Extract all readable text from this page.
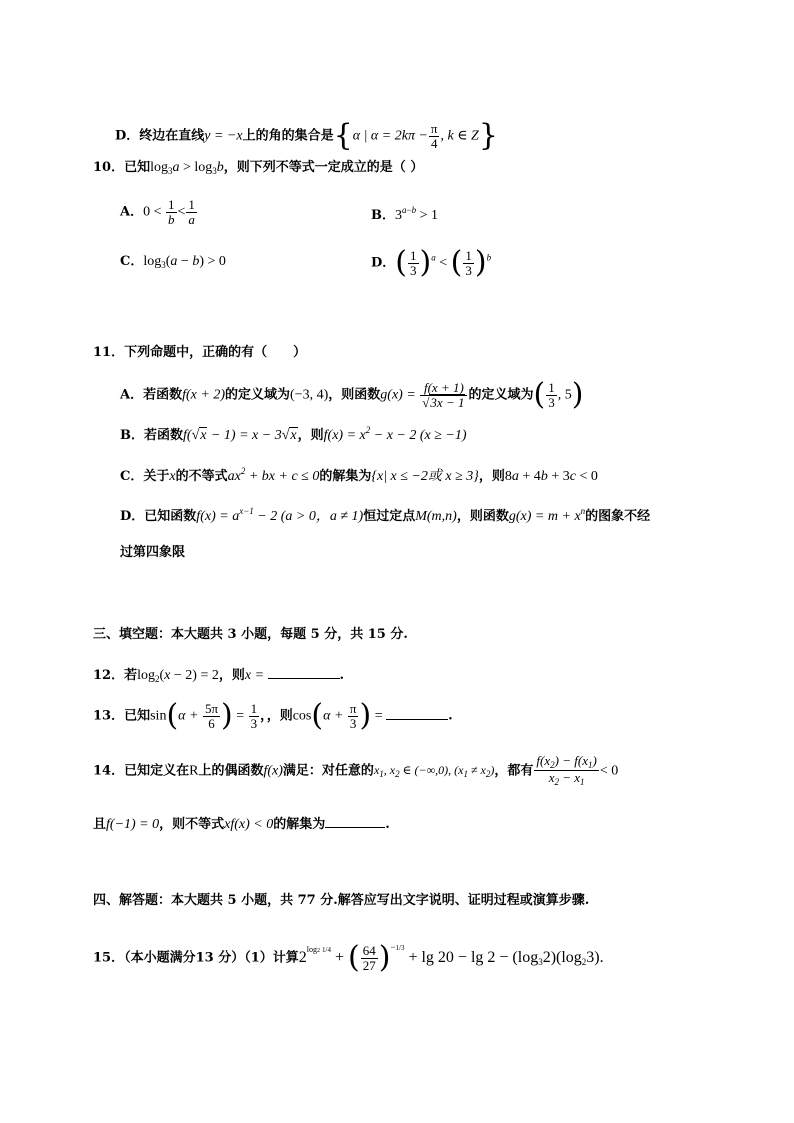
D．终边在直线y = −x上的角的集合是{α | $\alpha = 2k\pi - \frac{\pi}{4}$ , k ∈ Z}
10．已知$\log_3a > \log_3b$，则下列不等式一定成立的是（ ）
A．$0 < \frac{1}{b} < \frac{1}{a}$	B．$3^{a-b} > 1$
C．$\log_3(a - b) > 0$	D．( $\frac{1}{3} )^a$ < ( $\frac{1}{3} )^b$
11．下列命题中，正确的有（　　）
A．若函数f(x + 2)的定义域为(−3, 4)，则函数$g(x) = \frac{f(x + 1)}{√3x - 1}$ 的定义域为( $\frac{1}{3}$ , 5)
B．若函数f(√x − 1) = x − 3√x，则$f(x) = x^2 - x - 2$ (x ≥ −1)
C．关于x的不等式$ax^2$ + bx + c ≤ 0的解集为{x| x ≤ −2或 x ≥ 3}，则8a + 4b + 3c < 0
D．已知函数$f(x) = a^{x-1} - 2$ (a > 0，a ≠ 1)恒过定点M(m,n)，则函数$g(x) = m + x^n$的图象不经
过第四象限
三、填空题：本大题共 3 小题，每题 5 分，共 15 分.
12．若$\log_2(x - 2) = 2$，则x =	.
13．已知$\sin(\alpha + \frac{5\pi}{6}$ ) = $\frac{1}{3}$ ，，则$\cos(\alpha + \frac{\pi}{3}$ ) =	.
14．已知定义在R上的偶函数f(x)满足：对任意的$x_1$, $x_2$ ∈ (−∞,0), $(x_1 \ne x_2)$，都有 $\frac{f(x_2) - f(x_1)}{x_2 - x_1} < 0$
且f(−1) = 0，则不等式xf(x) < 0的解集为	.
四、解答题：本大题共 5 小题，共 77 分.解答应写出文字说明、证明过程或演算步骤.
15．（本小题满分13 分）（1）计算$2^{log2 1/4}$ + ( $\frac{64}{27} )^{-1/3} + \lg 20 - \lg 2 - (\log_32)(\log_23)$.
